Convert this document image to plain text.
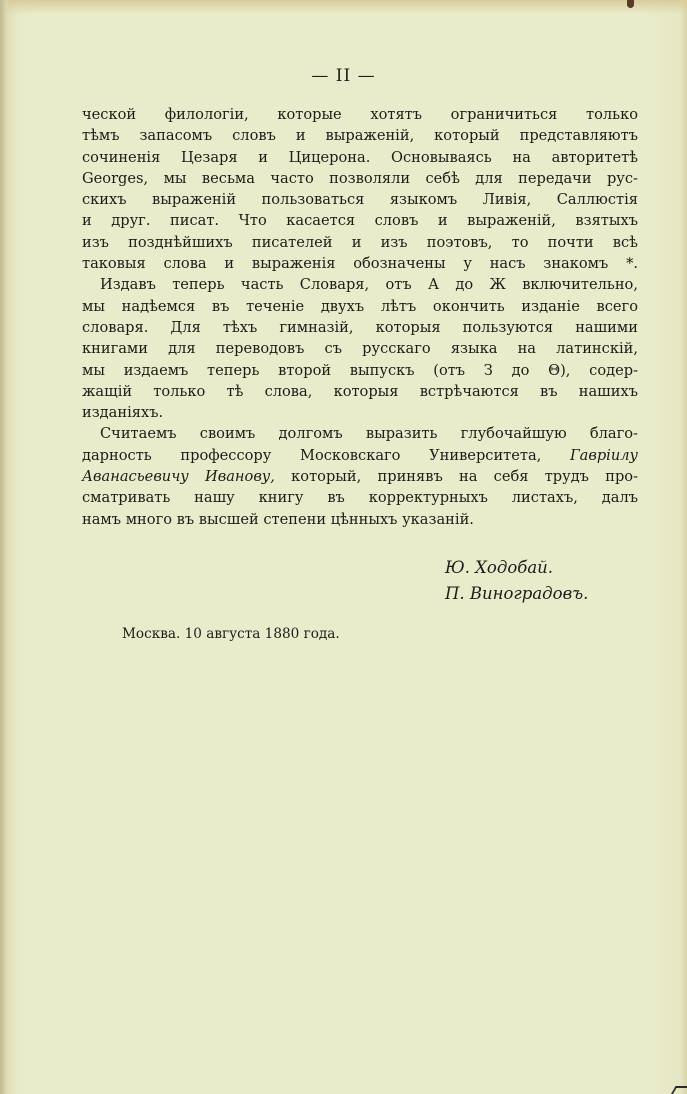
— II —
ческой филологіи, которые хотятъ ограничиться только
тѣмъ запасомъ словъ и выраженій, который представляютъ
сочиненія Цезаря и Цицерона. Основываясь на авторитетѣ
Georges, мы весьма часто позволяли себѣ для передачи рус-
скихъ выраженій пользоваться языкомъ Ливія, Саллюстія
и друг. писат. Что касается словъ и выраженій, взятыхъ
изъ позднѣйшихъ писателей и изъ поэтовъ, то почти всѣ
таковыя слова и выраженія обозначены у насъ знакомъ *.
Издавъ теперь часть Словаря, отъ А до Ж включительно,
мы надѣемся въ теченіе двухъ лѣтъ окончить изданіе всего
словаря. Для тѣхъ гимназій, которыя пользуются нашими
книгами для переводовъ съ русскаго языка на латинскій,
мы издаемъ теперь второй выпускъ (отъ З до Θ), содер-
жащій только тѣ слова, которыя встрѣчаются въ нашихъ
изданіяхъ.
Считаемъ своимъ долгомъ выразить глубочайшую благо-
дарность профессору Московскаго Университета, Гаврiилу
Аванасьевичу Иванову, который, принявъ на себя трудъ про-
сматривать нашу книгу въ корректурныхъ листахъ, далъ
намъ много въ высшей степени цѣнныхъ указаній.
Ю. Ходобай.
П. Виноградовъ.
Москва. 10 августа 1880 года.
